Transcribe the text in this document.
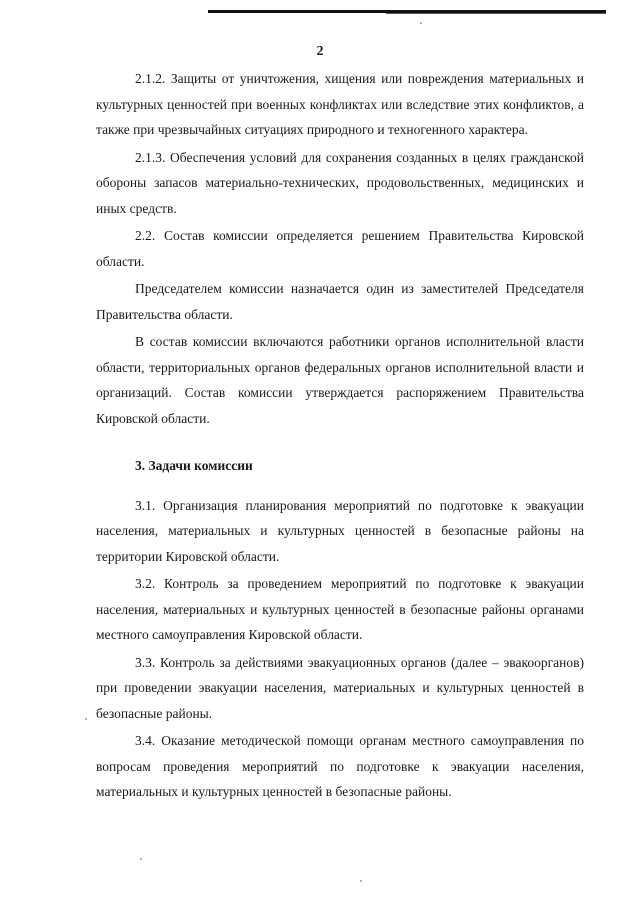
2

2.1.2. Защиты от уничтожения, хищения или повреждения материальных и культурных ценностей при военных конфликтах или вследствие этих конфликтов, а также при чрезвычайных ситуациях природного и техногенного характера.

2.1.3. Обеспечения условий для сохранения созданных в целях гражданской обороны запасов материально-технических, продовольственных, медицинских и иных средств.

2.2. Состав комиссии определяется решением Правительства Кировской области.

Председателем комиссии назначается один из заместителей Председателя Правительства области.

В состав комиссии включаются работники органов исполнительной власти области, территориальных органов федеральных органов исполнительной власти и организаций. Состав комиссии утверждается распоряжением Правительства Кировской области.

3. Задачи комиссии

3.1. Организация планирования мероприятий по подготовке к эвакуации населения, материальных и культурных ценностей в безопасные районы на территории Кировской области.

3.2. Контроль за проведением мероприятий по подготовке к эвакуации населения, материальных и культурных ценностей в безопасные районы органами местного самоуправления Кировской области.

3.3. Контроль за действиями эвакуационных органов (далее – эвакоорганов) при проведении эвакуации населения, материальных и культурных ценностей в безопасные районы.

3.4. Оказание методической помощи органам местного самоуправления по вопросам проведения мероприятий по подготовке к эвакуации населения, материальных и культурных ценностей в безопасные районы.
